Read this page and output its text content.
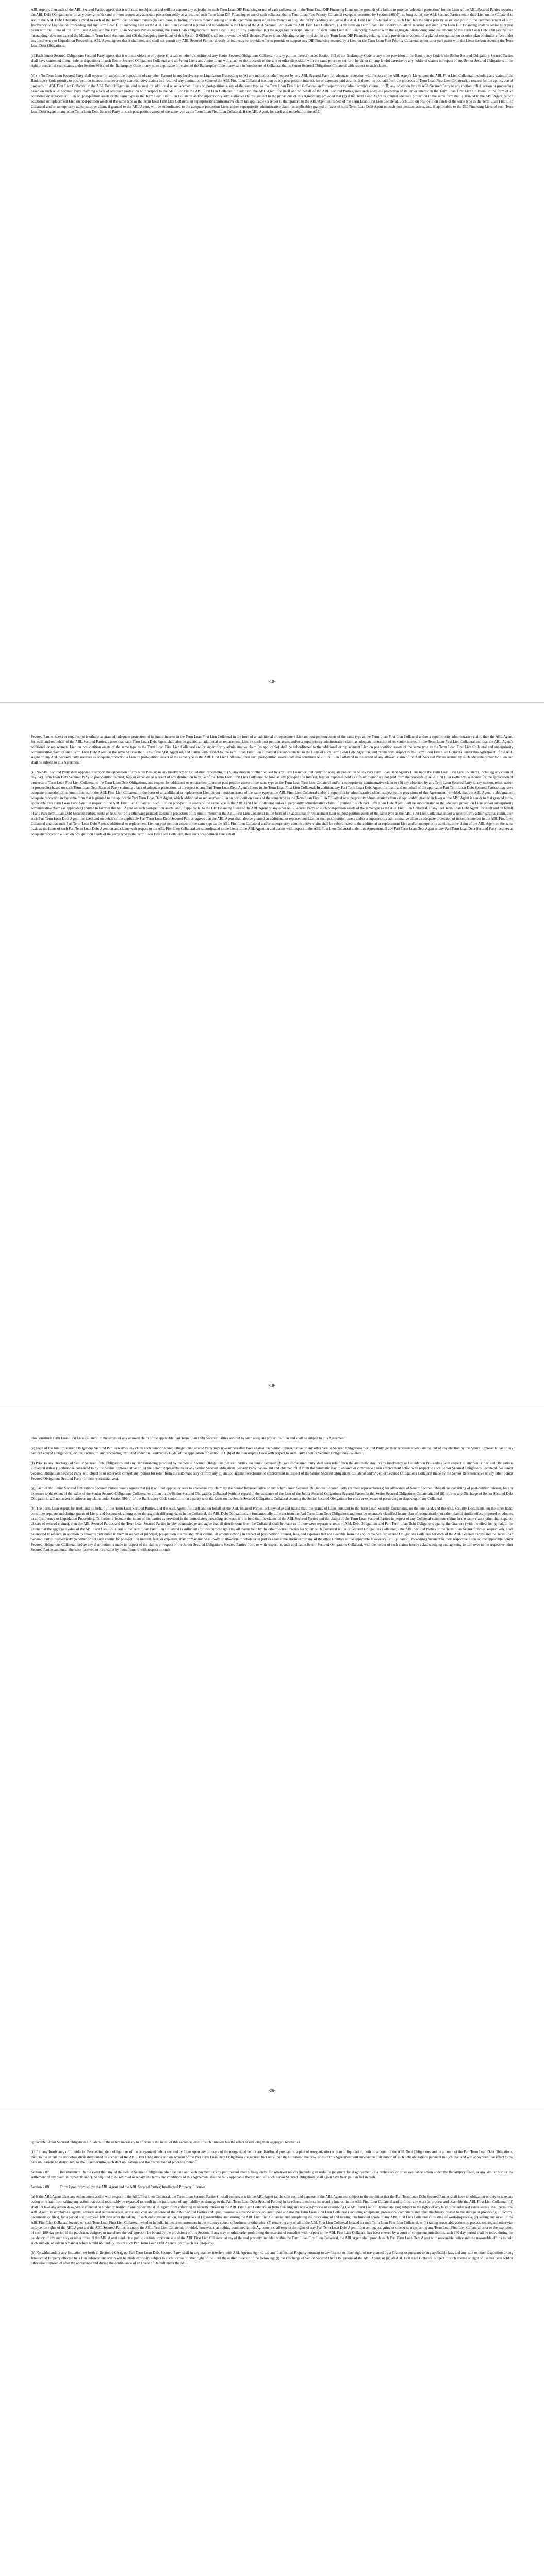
ABL Agent), then each of the ABL Secured Parties agrees that it will raise no objection and will not support any objection to such Term Loan DIP Financing or use of cash collateral or to the Term Loan DIP Financing Liens on the grounds of a failure to provide "adequate protection" for the Liens of the ABL Secured Parties securing the ABL Debt Obligations or on any other grounds (and will not request any adequate protection solely as a result of such Term Loan DIP Financing or use of cash collateral that is Term Loan First Priority Collateral except as permitted by Section 2.06(d)), so long as: (A) the ABL Secured Parties retain their Lien on the Collateral to secure the ABL Debt Obligations owed to each of the Term Loan Secured Parties (in each case, including proceeds thereof arising after the commencement of an Insolvency or Liquidation Proceeding) and, as to the ABL First Lien Collateral only, such Lien has the same priority as existed prior to the commencement of such Insolvency or Liquidation Proceeding and any Term Loan DIP Financing Lien on the ABL First Lien Collateral is junior and subordinate to the Liens of the ABL Secured Parties on the ABL First Lien Collateral, (B) all Liens on Term Loan First Priority Collateral securing any such Term Loan DIP Financing shall be senior to or pari passu with the Liens of the Term Loan Agent and the Term Loan Secured Parties securing the Term Loan Obligations on Term Loan First Priority Collateral, (C) the aggregate principal amount of such Term Loan DIP Financing, together with the aggregate outstanding principal amount of the Term Loan Debt Obligations then outstanding, does not exceed the Maximum Term Loan Amount, and (D) the foregoing provisions of this Section 2.06(b)(i) shall not prevent the ABL Secured Parties from objecting to any provision in any Term Loan DIP Financing relating to any provision or content of a plan of reorganization or other plan of similar effect under any Insolvency or Liquidation Proceeding. ABL Agent agrees that it shall not, and shall not permit any ABL Secured Parties, directly or indirectly to provide, offer to provide or support any DIP Financing secured by a Lien on the Term Loan First Priority Collateral senior to or pari passu with the Liens thereon securing the Term Loan Debt Obligations.

(c) Each Junior Secured Obligations Secured Party agrees that it will not object to or oppose (i) a sale or other disposition of any Senior Secured Obligations Collateral (or any portion thereof) under Section 363 of the Bankruptcy Code or any other provision of the Bankruptcy Code if the Senior Secured Obligations Secured Parties shall have consented to such sale or disposition of such Senior Secured Obligations Collateral and all Senior Liens and Junior Liens will attach to the proceeds of the sale or other disposition with the same priorities set forth herein or (ii) any lawful exercise by any holder of claims in respect of any Senior Secured Obligations of the right to credit bid such claims under Section 363(k) of the Bankruptcy Code or any other applicable provision of the Bankruptcy Code in any sale in foreclosure of Collateral that is Senior Secured Obligations Collateral with respect to such claims.

(d) (i) No Term Loan Secured Party shall oppose (or support the opposition of any other Person) in any Insolvency or Liquidation Proceeding to (A) any motion or other request by any ABL Secured Party for adequate protection with respect to the ABL Agent's Liens upon the ABL First Lien Collateral, including any claim of the Bankruptcy Code priority to post-petition interest or superpriority administrative claims as a result of any diminution in value of the ABL First Lien Collateral (so long as any post-petition interest, fee or expenses paid as a result thereof is not paid from the proceeds of Term Loan First Lien Collateral), a request for the application of proceeds of ABL First Lien Collateral to the ABL Debt Obligations, and request for additional or replacement Liens on post-petition assets of the same type as the Term Loan First Lien Collateral and/or superpriority administrative claims, or (B) any objection by any ABL Secured Party to any motion, relief, action or proceeding based on such ABL Secured Party claiming a lack of adequate protection with respect to the ABL Liens in the ABL First Lien Collateral. In addition, the ABL Agent, for itself and on behalf of the ABL Secured Parties, may seek adequate protection of its junior interest in the Term Loan First Lien Collateral in the form of an additional or replacement Lien on post-petition assets of the same type as the Term Loan First Lien Collateral and/or superpriority administrative claims, subject to the provisions of this Agreement; provided that (x) if the Term Loan Agent is granted adequate protection in the same form that is granted to the ABL Agent, which additional or replacement Lien on post-petition assets of the same type as the Term Loan First Lien Collateral or superpriority administrative claim (as applicable) is senior to that granted to the ABL Agent in respect of the Term Loan First Lien Collateral. Such Lien on post-petition assets of the same type as the Term Loan First Lien Collateral and/or superpriority administrative claim, if granted to the ABL Agent, will be subordinated to the adequate protection Liens and/or superpriority administrative claim (as applicable) granted in favor of such Term Loan Debt Agent on such post-petition assets, and, if applicable, to the DIP Financing Liens of such Term Loan Debt Agent or any other Term Loan Debt Secured Party on such post-petition assets of the same type as the Term Loan First Lien Collateral. If the ABL Agent, for itself and on behalf of the ABL

-18-

Secured Parties, seeks or requires (or is otherwise granted) adequate protection of its junior interest in the Term Loan First Lien Collateral in the form of an additional or replacement Lien on post-petition assets of the same type as the Term Loan First Lien Collateral and/or a superpriority administrative claim, then the ABL Agent, for itself and on behalf of the ABL Secured Parties, agrees that each Term Loan Debt Agent shall also be granted an additional or replacement Lien on such post-petition assets and/or a superpriority administrative claim as adequate protection of its senior interest in the Term Loan First Lien Collateral and that the ABL Agent's additional or replacement Lien on post-petition assets of the same type as the Term Loan First Lien Collateral and/or superpriority administrative claim (as applicable) shall be subordinated to the additional or replacement Lien on post-petition assets of the same type as the Term Loan First Lien Collateral and superpriority administrative claim of such Term Loan Debt Agent on the same basis as the Liens of the ABL Agent on, and claims with respect to, the Term Loan First Lien Collateral are subordinated to the Liens of such Term Loan Debt Agent on, and claims with respect to, the Term Loan First Lien Collateral under this Agreement. If the ABL Agent or any ABL Secured Party receives as adequate protection a Lien on post-petition assets of the same type as the ABL First Lien Collateral, then such post-petition assets shall also constitute ABL First Lien Collateral to the extent of any allowed claim of the ABL Secured Parties secured by such adequate protection Lien and shall be subject to this Agreement.

(ii) No ABL Secured Party shall oppose (or support the opposition of any other Person) in any Insolvency or Liquidation Proceeding to (A) any motion or other request by any Term Loan Secured Party for adequate protection of any Pari Term Loan Debt Agent's Liens upon the Term Loan First Lien Collateral, including any claim of any Pari Term Loan Debt Secured Party to post-petition interest, fees or expenses as a result of any diminution in value of the Term Loan First Lien Collateral, so long as any post-petition interest, fees, or expenses paid as a result thereof are not paid from the proceeds of ABL First Lien Collateral, a request for the application of proceeds of Term Loan First Lien Collateral to the Term Loan Debt Obligations, and request for additional or replacement Liens on post-petition assets of the same type as the Term Loan First Lien Collateral and/or a superpriority administrative claim or (B) any objection by any Term Loan Secured Party to any motion, relief, action or proceeding based on such Term Loan Debt Secured Party claiming a lack of adequate protection, with respect to any Pari Term Loan Debt Agent's Liens in the Term Loan First Lien Collateral. In addition, any Pari Term Loan Debt Agent, for itself and on behalf of the applicable Pari Term Loan Debt Secured Parties, may seek adequate protection of its junior interest in the ABL First Lien Collateral in the form of an additional or replacement Lien on post-petition assets of the same type as the ABL First Lien Collateral and/or a superpriority administrative claim, subject to the provisions of this Agreement; provided, that the ABL Agent is also granted adequate protection in the same form that is granted to the applicable Pari Term Loan Debt Agent, which additional or replacement Lien on post-petition assets of the same type as the Term Loan First Lien Collateral or superpriority administrative claim (as applicable) granted in favor of the ABL Agent is senior to that granted to the applicable Pari Term Loan Debt Agent in respect of the ABL First Lien Collateral. Such Lien on post-petition assets of the same type as the ABL First Lien Collateral and/or superpriority administrative claim, if granted to such Pari Term Loan Debt Agent, will be subordinated to the adequate protection Liens and/or superpriority administrative claim (as applicable) granted in favor of the ABL Agent on such post-petition assets, and, if applicable, to the DIP Financing Liens of the ABL Agent or any other ABL Secured Party on such post-petition assets of the same type as the ABL First Lien Collateral. If any Pari Term Loan Debt Agent, for itself and on behalf of any Pari Term Loan Debt Secured Parties, seeks or requires (or is otherwise granted) adequate protection of its junior interest in the ABL First Lien Collateral in the form of an additional or replacement Lien on post-petition assets of the same type as the ABL First Lien Collateral and/or a superpriority administrative claim, then such Pari Term Loan Debt Agent, for itself and on behalf of the applicable Pari Term Loan Debt Secured Parties, agrees that the ABL Agent shall also be granted an additional or replacement Lien on such post-petition assets and/or a superpriority administrative claim as adequate protection of its senior interest in the ABL First Lien Collateral and that such Pari Term Loan Debt Agent's additional or replacement Lien on post-petition assets of the same type as the ABL First Lien Collateral and/or superpriority administrative claim shall be subordinated to the additional or replacement Lien and/or superpriority administrative claim of the ABL Agent on the same basis as the Liens of such Pari Term Loan Debt Agent on and claims with respect to the ABL First Lien Collateral are subordinated to the Liens of the ABL Agent on and claims with respect to the ABL First Lien Collateral under this Agreement. If any Pari Term Loan Debt Agent or any Pari Term Loan Debt Secured Party receives as adequate protection a Lien on post-petition assets of the same type as the Term Loan First Lien Collateral, then such post-petition assets shall

-19-

also constitute Term Loan First Lien Collateral to the extent of any allowed claim of the applicable Pari Term Loan Debt Secured Parties secured by such adequate protection Lien and shall be subject to this Agreement.

(e) Each of the Junior Secured Obligations Secured Parties waives any claim such Junior Secured Obligations Secured Party may now or hereafter have against the Senior Representative or any other Senior Secured Obligations Secured Party (or their representatives) arising out of any election by the Senior Representative or any Senior Secured Obligations Secured Parties, in any proceeding instituted under the Bankruptcy Code, of the application of Section 1111(b) of the Bankruptcy Code with respect to such Party's Senior Secured Obligations Collateral.

(f) Prior to any Discharge of Senior Secured Debt Obligations and any DIP Financing provided by the Senior Secured Obligations Secured Parties, no Junior Secured Obligations Secured Party shall seek relief from the automatic stay in any Insolvency or Liquidation Proceeding with respect to any Senior Secured Obligations Collateral unless (i) otherwise consented to by the Senior Representative or (ii) the Senior Representative or any Senior Secured Obligations Secured Party has sought and obtained relief from the automatic stay to enforce or commence a lien enforcement action with respect to such Senior Secured Obligations Collateral. No Junior Secured Obligations Secured Party will object to or otherwise contest any motion for relief from the automatic stay or from any injunction against foreclosure or enforcement in respect of the Senior Secured Obligations Collateral and/or Senior Secured Obligations Collateral made by the Senior Representative or any other Senior Secured Obligations Secured Party (or their representatives).

(g) Each of the Junior Secured Obligations Secured Parties hereby agrees that (i) it will not oppose or seek to challenge any claim by the Senior Representative or any other Senior Secured Obligations Secured Party (or their representatives) for allowance of Senior Secured Obligations consisting of post-petition interest, fees or expenses to the extent of the value of the Senior Secured Obligations Collateral or a Lien on the Senior Secured Obligations Collateral (without regard to the existence of the Lien of the Junior Secured Obligations Secured Parties on the Senior Secured Obligations Collateral); and (ii) prior to any Discharge of Senior Secured Debt Obligations, will not assert or enforce any claim under Section 506(c) of the Bankruptcy Code senior to or on a parity with the Liens on the Senior Secured Obligations Collateral securing the Senior Secured Obligations for costs or expenses of preserving or disposing of any Collateral.

(h) The Term Loan Agent, for itself and on behalf of the Term Loan Secured Parties, and the ABL Agent, for itself and on behalf of the ABL Secured Parties, acknowledge and intend that: the grants of Liens pursuant to the Term Loan Security Documents, on the one hand, and the ABL Security Documents, on the other hand, constitute separate and distinct grants of Liens, and because of, among other things, their differing rights in the Collateral, the ABL Debt Obligations are fundamentally different from the Pari Term Loan Debt Obligations and must be separately classified in any plan of reorganization or other plan of similar effect proposed or adopted in an Insolvency or Liquidation Proceeding. To further effectuate the intent of the parties as provided in the immediately preceding sentence, if it is held that the claims of the ABL Secured Parties and the claims of the Term Loan Secured Parties in respect of any Collateral constitute claims in the same class (rather than separate classes of secured claims), then the ABL Secured Parties and the Term Loan Secured Parties hereby acknowledge and agree that all distributions from the Collateral shall be made as if there were separate classes of ABL Debt Obligations and Pari Term Loan Debt Obligations against the Grantors (with the effect being that, to the extent that the aggregate value of the ABL First Lien Collateral or the Term Loan First Lien Collateral is sufficient (for this purpose ignoring all claims held by the other Secured Parties for whom such Collateral is Junior Secured Obligations Collateral)), the ABL Secured Parties or the Term Loan Secured Parties, respectively, shall be entitled to receive, in addition to amounts distributed to them in respect of principal, pre-petition interest and other claims, all amounts owing in respect of post-petition interest, fees, and expenses that are available from the applicable Senior Secured Obligations Collateral for each of the ABL Secured Parties and the Term Loan Secured Parties, respectively (whether or not such claims for post-petition interest, fees, or expenses, may or may not be allowed or allowable in whole or in part as against the Borrower or any of the other Grantors in the applicable Insolvency or Liquidation Proceeding) pursuant to their respective Liens on the applicable Senior Secured Obligations Collateral, before any distribution is made in respect of the claims in respect of the Junior Secured Obligations Secured Parties from, or with respect to, such applicable Senior Secured Obligations Collateral, with the holder of such claims hereby acknowledging and agreeing to turn over to the respective other Secured Parties amounts otherwise received or receivable by them from, or with respect to, such

-20-

applicable Senior Secured Obligations Collateral to the extent necessary to effectuate the intent of this sentence, even if such turnover has the effect of reducing their aggregate recoveries.

(i) If in any Insolvency or Liquidation Proceeding, debt obligations of the reorganized debtor secured by Liens upon any property of the reorganized debtor are distributed pursuant to a plan of reorganization or plan of liquidation, both on account of the ABL Debt Obligations and on account of the Pari Term Loan Debt Obligations, then, to the extent the debt obligations distributed on account of the ABL Debt Obligations and on account of the Pari Term Loan Debt Obligations are secured by Liens upon the Collateral, the provisions of this Agreement will survive the distribution of such debt obligations pursuant to such plan and will apply with like effect to the debt obligations so distributed, to the Liens securing such debt obligations and the distribution of proceeds thereof.

Section 2.07	Reinstatement. In the event that any of the Senior Secured Obligations shall be paid and such payment or any part thereof shall subsequently, for whatever reason (including an order or judgment for disgorgement of a preference or other avoidance action under the Bankruptcy Code, or any similar law, or the settlement of any claim in respect thereof), be required to be returned or repaid, the terms and conditions of this Agreement shall be fully applicable thereto until all such Senior Secured Obligations shall again have been paid in full in cash.

Section 2.08	Entry Upon Premises by the ABL Agent and the ABL Secured Parties; Intellectual Property Licenses

(a) If the ABL Agent takes any enforcement action with respect to the ABL First Lien Collateral, the Term Loan Secured Parties (i) shall cooperate with the ABL Agent (at the sole cost and expense of the ABL Agent and subject to the condition that the Pari Term Loan Debt Secured Parties shall have no obligation or duty to take any action or refrain from taking any action that could reasonably be expected to result in the incurrence of any liability or damage to the Pari Term Loan Debt Secured Parties) in its efforts to enforce its security interest in the ABL First Lien Collateral and to finish any work-in-process and assemble the ABL First Lien Collateral, (ii) shall not take any action designed or intended to hinder or restrict in any respect the ABL Agent from enforcing its security interest in the ABL First Lien Collateral or from finishing any work-in-process or assembling the ABL First Lien Collateral, and (iii) subject to the rights of any landlords under real estate leases, shall permit the ABL Agent, its employees, agents, advisers and representatives, at the sole cost and expense of the ABL Secured Parties and upon reasonable advance notice, to enter upon and use the Term Loan First Lien Collateral (including equipment, processors, computers and other machinery related to the storage or processing of records, documents or files), for a period not to exceed 180 days after the taking of such enforcement action, for purposes of (1) assembling and storing the ABL First Lien Collateral and completing the processing of and turning into finished goods of any ABL First Lien Collateral consisting of work-in-process, (2) selling any or all of the ABL First Lien Collateral located on such Term Loan First Lien Collateral, whether in bulk, in lots or to customers in the ordinary course of business or otherwise, (3) removing any or all of the ABL First Lien Collateral located on such Term Loan First Lien Collateral, or (4) taking reasonable actions to protect, secure, and otherwise enforce the rights of the ABL Agent and the ABL Secured Parties in and to the ABL First Lien Collateral; provided, however, that nothing contained in this Agreement shall restrict the rights of any Pari Term Loan Debt Agent from selling, assigning or otherwise transferring any Term Loan First Lien Collateral prior to the expiration of such 180-day period if the purchaser, assignee or transferee thereof agrees to be bound by the provisions of this Section. If any stay or other order prohibiting the exercise of remedies with respect to the ABL First Lien Collateral has been entered by a court of competent jurisdiction, such 180-day period shall be tolled during the pendency of any such stay or other order. If the ABL Agent conducts a public auction or private sale of the ABL First Lien Collateral at any of the real property included within the Term Loan First Lien Collateral, the ABL Agent shall provide each Pari Term Loan Debt Agent with reasonable notice and use reasonable efforts to hold such auction, or sale in a manner which would not unduly disrupt such Pari Term Loan Debt Agent's use of such real property.

(b) Notwithstanding any limitation set forth in Section 2.08(a), no Pari Term Loan Debt Secured Party shall in any manner interfere with ABL Agent's right to use any Intellectual Property pursuant to any license or other right of use granted by a Grantor or pursuant to any applicable law, and any sale or other disposition of any Intellectual Property effected by a lien enforcement action will be made expressly subject to such license or other right of use until the earlier to occur of the following: (i) the Discharge of Senior Secured Debt Obligations of the ABL Agent; or (ii) all ABL First Lien Collateral subject to such license or right of use has been sold or otherwise disposed of after the occurrence and during the continuance of an Event of Default under the ABL
